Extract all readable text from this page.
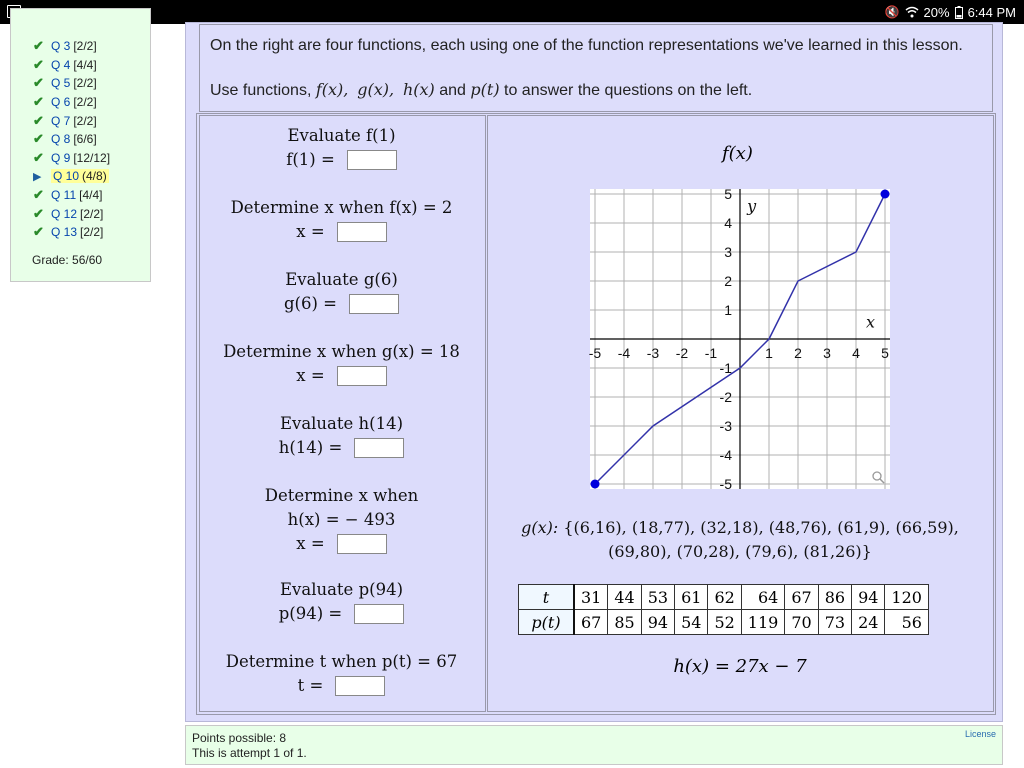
🔇 20% 6:44 PM
✔ Q 3 [2/2]
✔ Q 4 [4/4]
✔ Q 5 [2/2]
✔ Q 6 [2/2]
✔ Q 7 [2/2]
✔ Q 8 [6/6]
✔ Q 9 [12/12]
▶ Q 10 (4/8)
✔ Q 11 [4/4]
✔ Q 12 [2/2]
✔ Q 13 [2/2]
Grade: 56/60

On the right are four functions, each using one of the function representations we've learned in this lesson.

Use functions, f(x), g(x), h(x) and p(t) to answer the questions on the left.

Evaluate f(1)
f(1) =
Determine x when f(x) = 2
x =
Evaluate g(6)
g(6) =
Determine x when g(x) = 18
x =
Evaluate h(14)
h(14) =
Determine x when
h(x) = − 493
x =
Evaluate p(94)
p(94) =
Determine t when p(t) = 67
t =
f(x)
-5 -4 -3 -2 -1	1 2 3 4 5
5
4
3
2
1
-1
-2
-3
-4
-5
x
y
g(x): {(6,16), (18,77), (32,18), (48,76), (61,9), (66,59),
(69,80), (70,28), (79,6), (81,26)}
t	31	44	53	61	62	64	67	86	94	120
p(t)	67	85	94	54	52	119	70	73	24	56
h(x) = 27x − 7
Points possible: 8
This is attempt 1 of 1.
License
